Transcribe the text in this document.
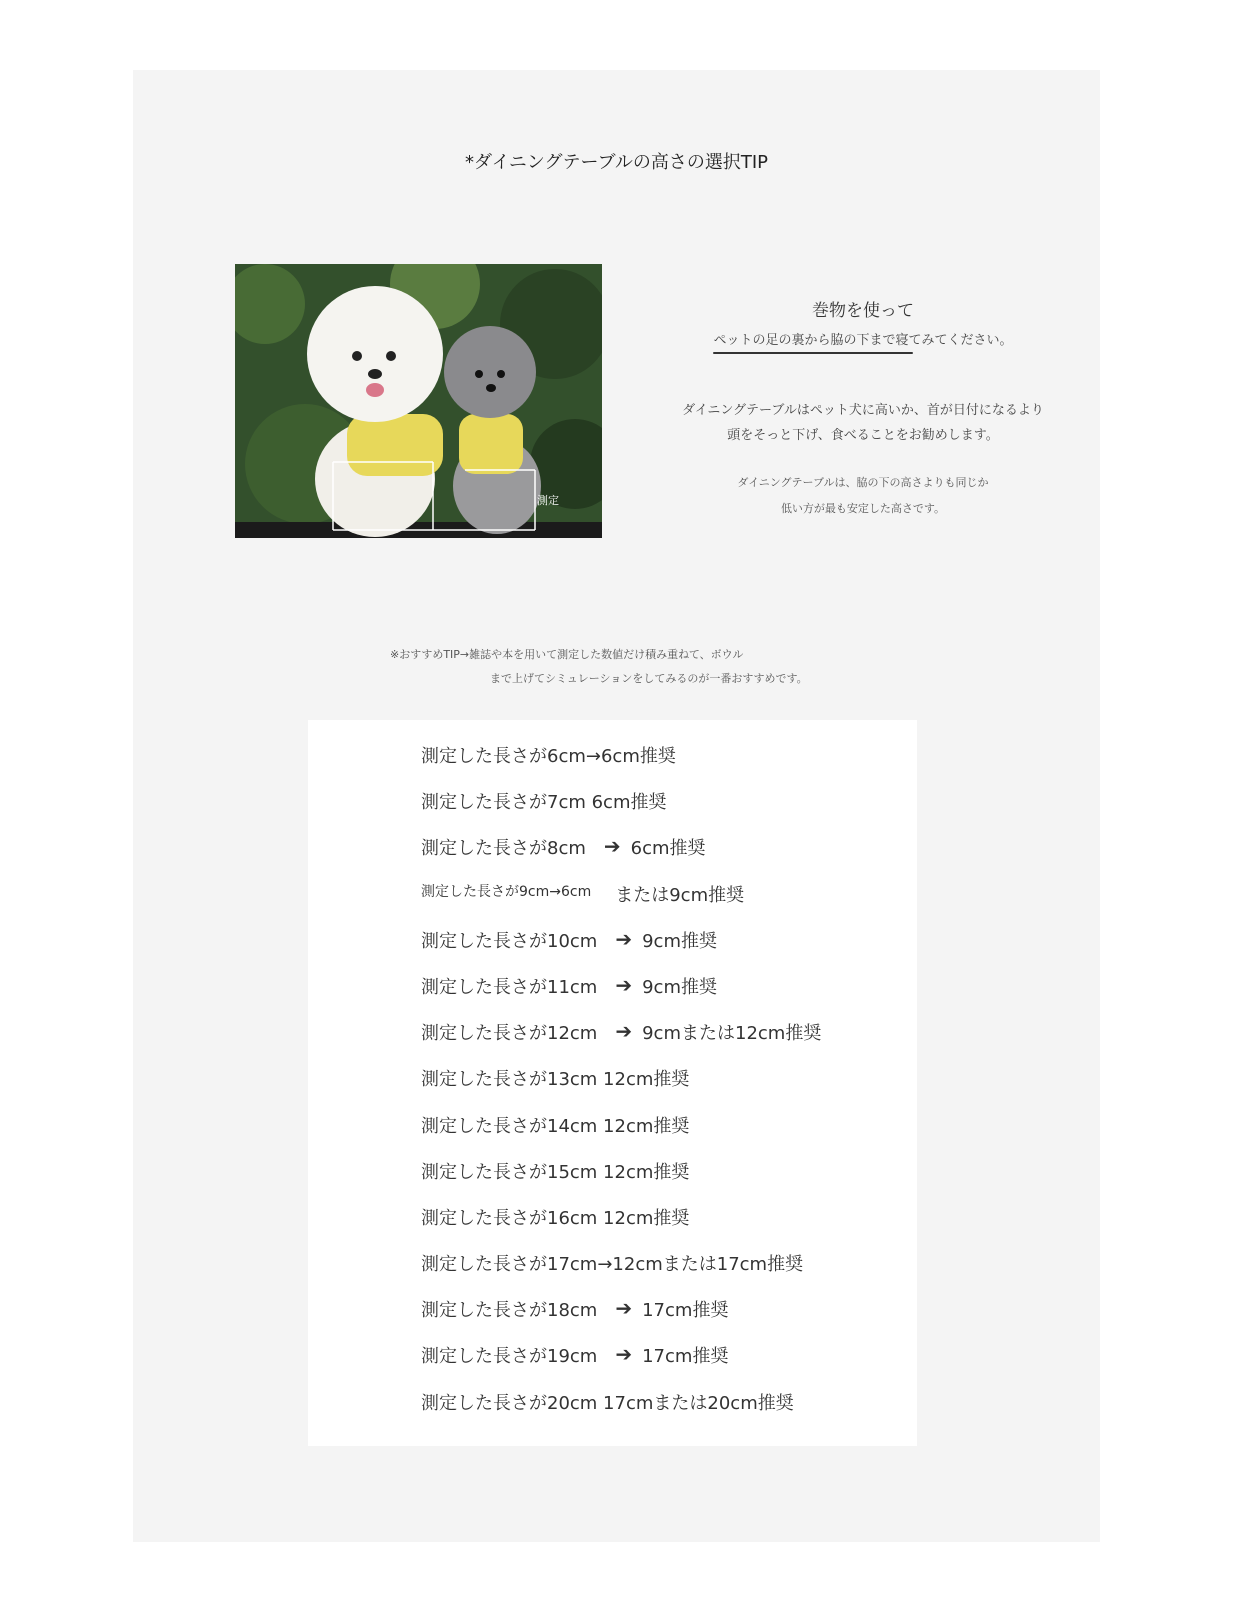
*ダイニングテーブルの高さの選択TIP
測定
巻物を使って
ペットの足の裏から脇の下まで寝てみてください。
ダイニングテーブルはペット犬に高いか、首が日付になるより
頭をそっと下げ、食べることをお勧めします。
ダイニングテーブルは、脇の下の高さよりも同じか
低い方が最も安定した高さです。
※おすすめTIP→雑誌や本を用いて測定した数値だけ積み重ねて、ボウル
まで上げてシミュレーションをしてみるのが一番おすすめです。
測定した長さが6cm→6cm推奨
測定した長さが7cm 6cm推奨
測定した長さが8cm ➔ 6cm推奨
測定した長さが9cm→6cm または9cm推奨
測定した長さが10cm ➔ 9cm推奨
測定した長さが11cm ➔ 9cm推奨
測定した長さが12cm ➔ 9cmまたは12cm推奨
測定した長さが13cm 12cm推奨
測定した長さが14cm 12cm推奨
測定した長さが15cm 12cm推奨
測定した長さが16cm 12cm推奨
測定した長さが17cm→12cmまたは17cm推奨
測定した長さが18cm ➔ 17cm推奨
測定した長さが19cm ➔ 17cm推奨
測定した長さが20cm 17cmまたは20cm推奨
